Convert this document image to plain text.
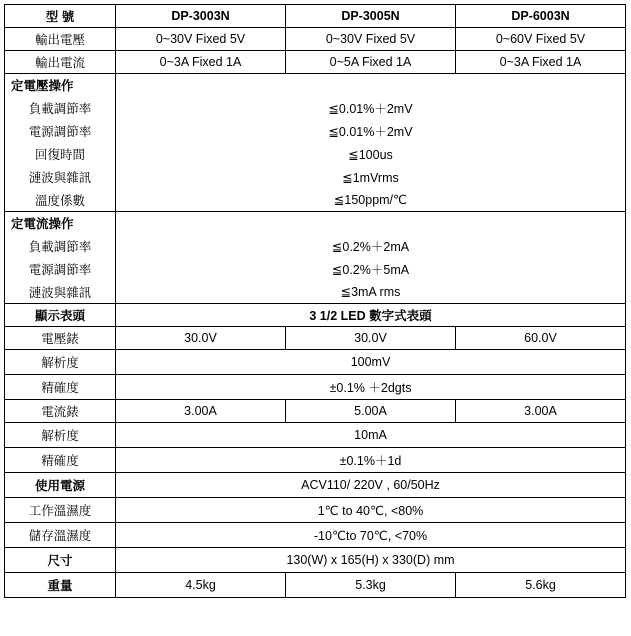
型 號	DP-3003N	DP-3005N	DP-6003N
輸出電壓	0~30V Fixed 5V	0~30V Fixed 5V	0~60V Fixed 5V
輸出電流	0~3A Fixed 1A	0~5A Fixed 1A	0~3A Fixed 1A
定電壓操作			
負載調節率	≦0.01%＋2mV		
電源調節率	≦0.01%＋2mV		
回復時間	≦100us		
漣波與雜訊	≦1mVrms		
溫度係數	≦150ppm/℃		
定電流操作			
負載調節率	≦0.2%＋2mA		
電源調節率	≦0.2%＋5mA		
漣波與雜訊	≦3mA rms		
顯示表頭	3 1/2 LED 數字式表頭		
電壓錶	30.0V	30.0V	60.0V
解析度	100mV		
精確度	±0.1% ＋2dgts		
電流錶	3.00A	5.00A	3.00A
解析度	10mA		
精確度	±0.1%＋1d		
使用電源	ACV110/ 220V , 60/50Hz		
工作溫濕度	1℃ to 40℃, <80%		
儲存溫濕度	-10℃to 70℃, <70%		
尺寸	130(W) x 165(H) x 330(D) mm		
重量	4.5kg	5.3kg	5.6kg
